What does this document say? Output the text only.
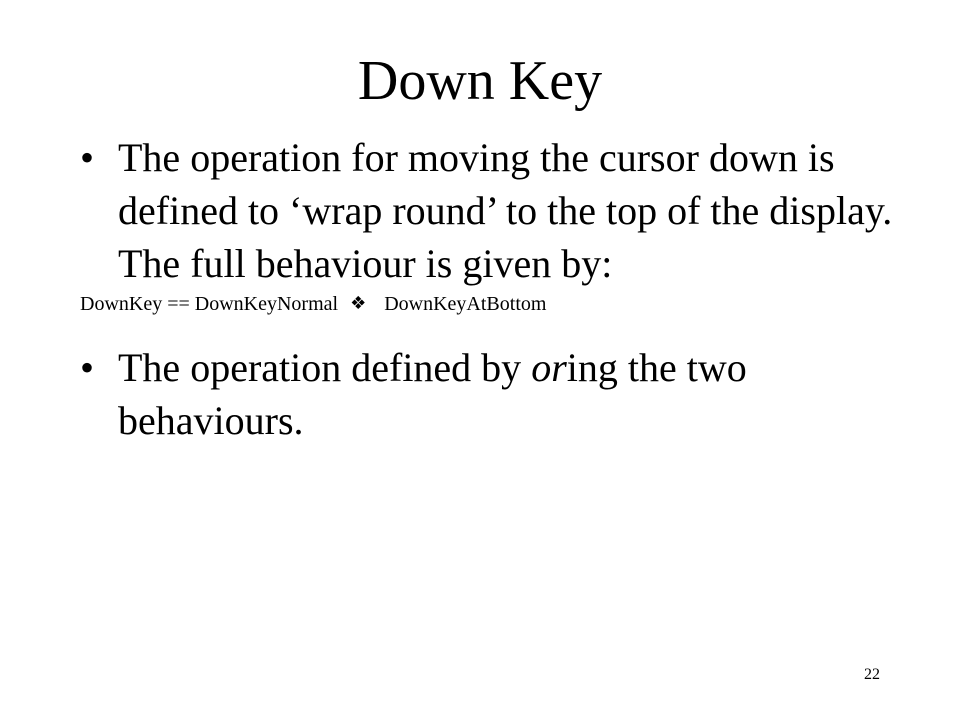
Down Key
• The operation for moving the cursor down is defined to ‘wrap round’ to the top of the display. The full behaviour is given by:
DownKey == DownKeyNormal ❖ DownKeyAtBottom
• The operation defined by oring the two behaviours.
22
